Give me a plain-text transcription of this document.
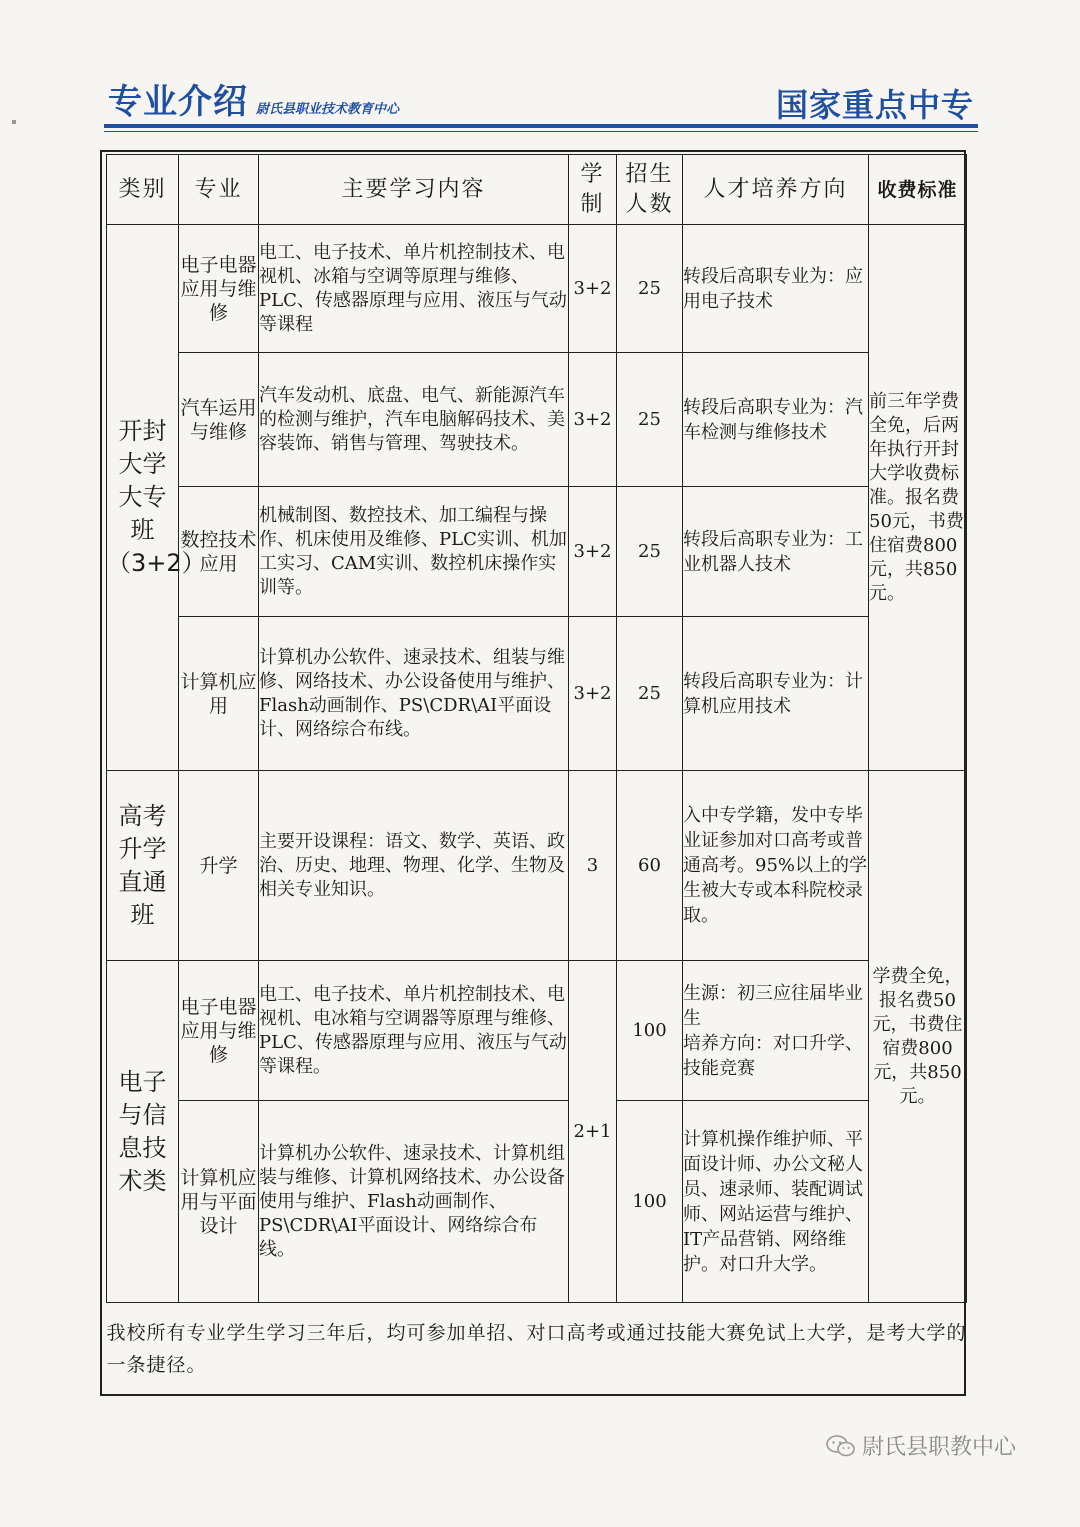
专业介绍 尉氏县职业技术教育中心	国家重点中专
类别	专业	主要学习内容	学制	招生人数	人才培养方向	收费标准
开封大学大专班（3+2）	电子电器应用与维修	电工、电子技术、单片机控制技术、电视机、冰箱与空调等原理与维修、PLC、传感器原理与应用、液压与气动等课程	3+2	25	转段后高职专业为：应用电子技术	前三年学费全免，后两年执行开封大学收费标准。报名费50元，书费住宿费800元，共850元。
	汽车运用与维修	汽车发动机、底盘、电气、新能源汽车的检测与维护，汽车电脑解码技术、美容装饰、销售与管理、驾驶技术。	3+2	25	转段后高职专业为：汽车检测与维修技术	
	数控技术应用	机械制图、数控技术、加工编程与操作、机床使用及维修、PLC实训、机加工实习、CAM实训、数控机床操作实训等。	3+2	25	转段后高职专业为：工业机器人技术	
	计算机应用	计算机办公软件、速录技术、组装与维修、网络技术、办公设备使用与维护、Flash动画制作、PS\CDR\AI平面设计、网络综合布线。	3+2	25	转段后高职专业为：计算机应用技术	
高考升学直通班	升学	主要开设课程：语文、数学、英语、政治、历史、地理、物理、化学、生物及相关专业知识。	3	60	入中专学籍，发中专毕业证参加对口高考或普通高考。95%以上的学生被大专或本科院校录取。	学费全免，报名费50元，书费住宿费800元，共850元。
电子与信息技术类	电子电器应用与维修	电工、电子技术、单片机控制技术、电视机、电冰箱与空调器等原理与维修、PLC、传感器原理与应用、液压与气动等课程。	2+1	100	生源：初三应往届毕业生
培养方向：对口升学、技能竞赛	
	计算机应用与平面设计	计算机办公软件、速录技术、计算机组装与维修、计算机网络技术、办公设备使用与维护、Flash动画制作、PS\CDR\AI平面设计、网络综合布线。		100	计算机操作维护师、平面设计师、办公文秘人员、速录师、装配调试师、网站运营与维护、IT产品营销、网络维护。对口升大学。	
我校所有专业学生学习三年后，均可参加单招、对口高考或通过技能大赛免试上大学，是考大学的一条捷径。						
尉氏县职教中心
